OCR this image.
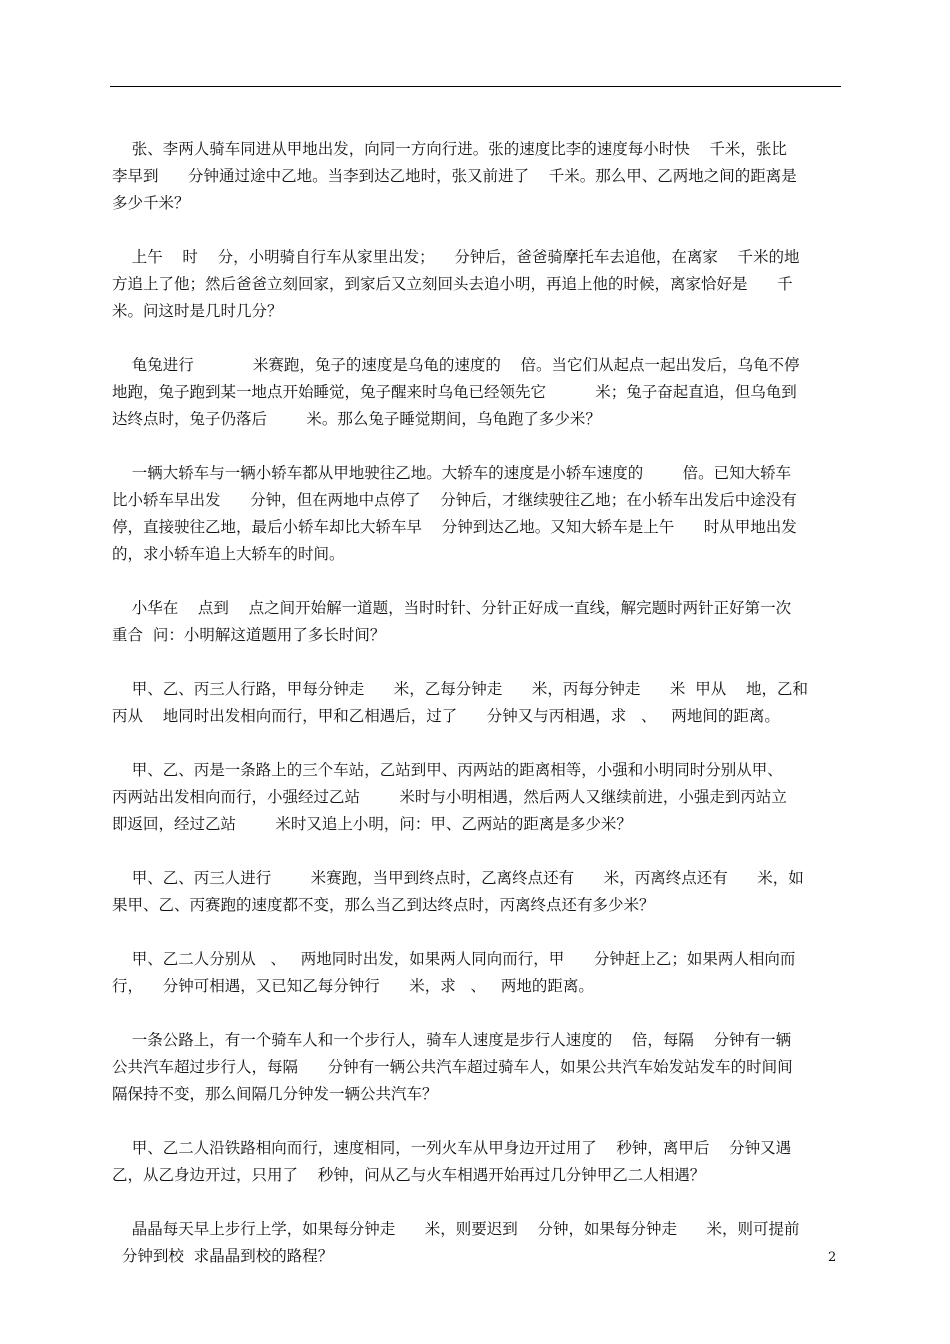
张、李两人骑车同进从甲地出发，向同一方向行进。张的速度比李的速度每小时快    千米，张比
李早到      分钟通过途中乙地。当李到达乙地时，张又前进了    千米。那么甲、乙两地之间的距离是
多少千米？
上午    时    分，小明骑自行车从家里出发；    分钟后，爸爸骑摩托车去追他，在离家    千米的地
方追上了他；然后爸爸立刻回家，到家后又立刻回头去追小明，再追上他的时候，离家恰好是      千
米。问这时是几时几分？
龟兔进行            米赛跑，兔子的速度是乌龟的速度的    倍。当它们从起点一起出发后，乌龟不停
地跑，兔子跑到某一地点开始睡觉，兔子醒来时乌龟已经领先它          米；兔子奋起直追，但乌龟到
达终点时，兔子仍落后        米。那么兔子睡觉期间，乌龟跑了多少米？
一辆大轿车与一辆小轿车都从甲地驶往乙地。大轿车的速度是小轿车速度的        倍。已知大轿车
比小轿车早出发      分钟，但在两地中点停了    分钟后，才继续驶往乙地；在小轿车出发后中途没有
停，直接驶往乙地，最后小轿车却比大轿车早    分钟到达乙地。又知大轿车是上午      时从甲地出发
的，求小轿车追上大轿车的时间。
小华在    点到    点之间开始解一道题，当时时针、分针正好成一直线，解完题时两针正好第一次
重合  问：小明解这道题用了多长时间？
甲、乙、丙三人行路，甲每分钟走      米，乙每分钟走      米，丙每分钟走      米  甲从    地，乙和
丙从    地同时出发相向而行，甲和乙相遇后，过了      分钟又与丙相遇，求   、   两地间的距离。
甲、乙、丙是一条路上的三个车站，乙站到甲、丙两站的距离相等，小强和小明同时分别从甲、
丙两站出发相向而行，小强经过乙站        米时与小明相遇，然后两人又继续前进，小强走到丙站立
即返回，经过乙站        米时又追上小明，问：甲、乙两站的距离是多少米？
甲、乙、丙三人进行        米赛跑，当甲到终点时，乙离终点还有      米，丙离终点还有      米，如
果甲、乙、丙赛跑的速度都不变，那么当乙到达终点时，丙离终点还有多少米？
甲、乙二人分别从   、   两地同时出发，如果两人同向而行，甲      分钟赶上乙；如果两人相向而
行，    分钟可相遇，又已知乙每分钟行      米，求   、   两地的距离。
一条公路上，有一个骑车人和一个步行人，骑车人速度是步行人速度的    倍，每隔    分钟有一辆
公共汽车超过步行人，每隔      分钟有一辆公共汽车超过骑车人，如果公共汽车始发站发车的时间间
隔保持不变，那么间隔几分钟发一辆公共汽车？
甲、乙二人沿铁路相向而行，速度相同，一列火车从甲身边开过用了    秒钟，离甲后    分钟又遇
乙，从乙身边开过，只用了    秒钟，问从乙与火车相遇开始再过几分钟甲乙二人相遇？
晶晶每天早上步行上学，如果每分钟走      米，则要迟到    分钟，如果每分钟走      米，则可提前
分钟到校  求晶晶到校的路程？	2
